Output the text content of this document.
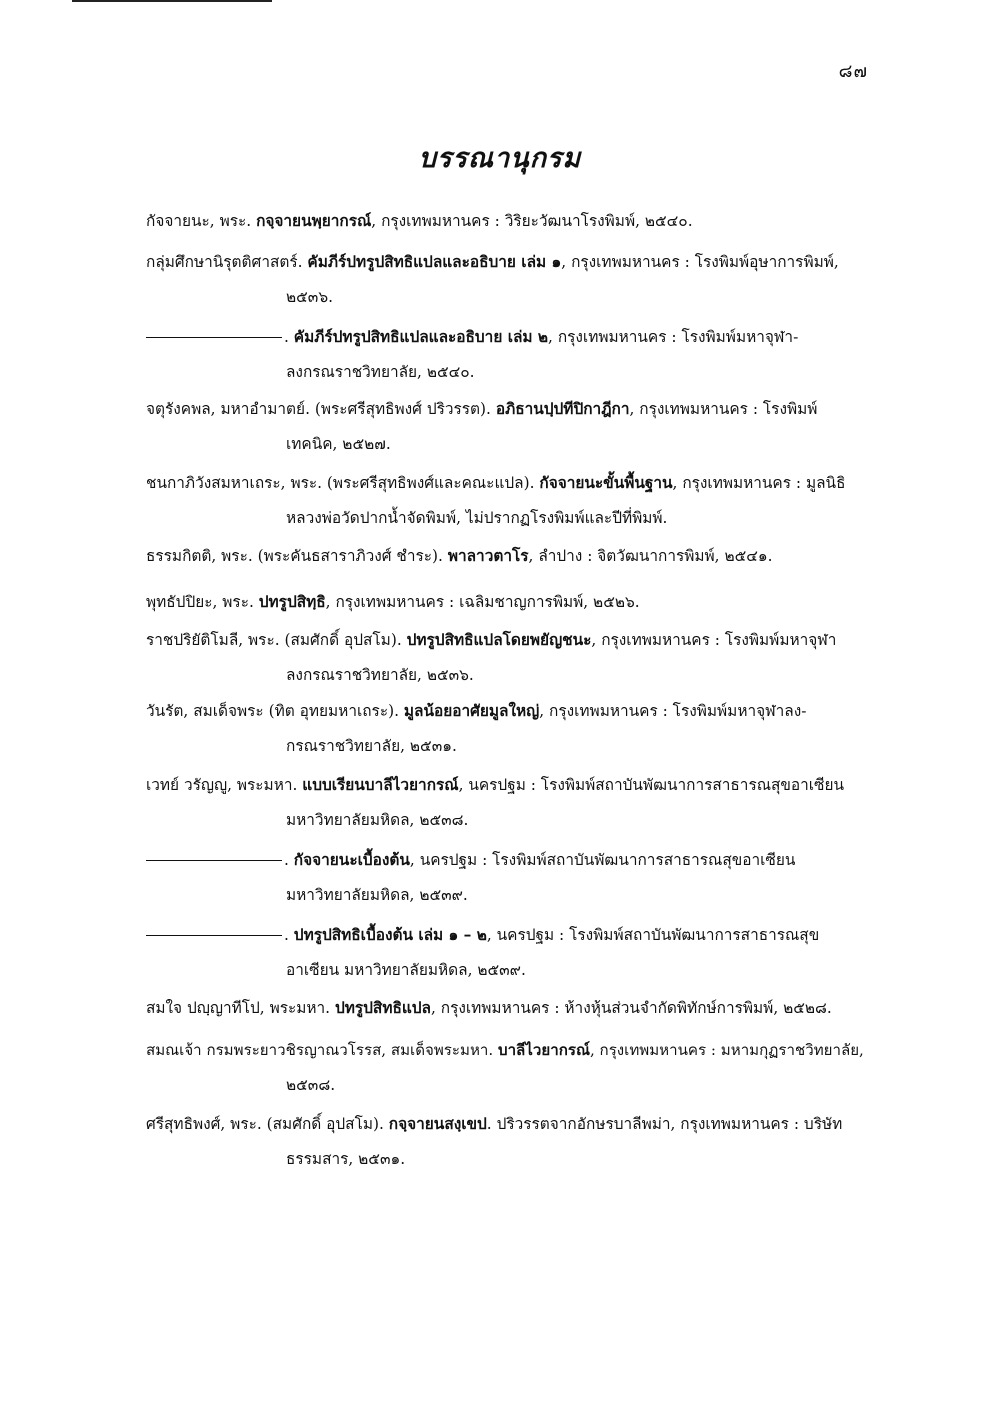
๘๗
บรรณานุกรม
กัจจายนะ, พระ. กจฺจายนพฺยากรณ์, กรุงเทพมหานคร : วิริยะวัฒนาโรงพิมพ์, ๒๕๔๐.
กลุ่มศึกษานิรุตติศาสตร์. คัมภีร์ปทรูปสิทธิแปลและอธิบาย เล่ม ๑, กรุงเทพมหานคร : โรงพิมพ์อุษาการพิมพ์,
๒๕๓๖.
. คัมภีร์ปทรูปสิทธิแปลและอธิบาย เล่ม ๒, กรุงเทพมหานคร : โรงพิมพ์มหาจุฬา-
ลงกรณราชวิทยาลัย, ๒๕๔๐.
จตุรังคพล, มหาอำมาตย์. (พระศรีสุทธิพงศ์ ปริวรรต). อภิธานปฺปทีปิกาฎีกา, กรุงเทพมหานคร : โรงพิมพ์
เทคนิค, ๒๕๒๗.
ชนกาภิวังสมหาเถระ, พระ. (พระศรีสุทธิพงศ์และคณะแปล). กัจจายนะขั้นพื้นฐาน, กรุงเทพมหานคร : มูลนิธิ
หลวงพ่อวัดปากน้ำจัดพิมพ์, ไม่ปรากฏโรงพิมพ์และปีที่พิมพ์.
ธรรมกิตติ, พระ. (พระคันธสาราภิวงศ์ ชำระ). พาลาวตาโร, ลำปาง : จิตวัฒนาการพิมพ์, ๒๕๔๑.
พุทธัปปิยะ, พระ. ปทรูปสิทฺธิ, กรุงเทพมหานคร : เฉลิมชาญการพิมพ์, ๒๕๒๖.
ราชปริยัติโมลี, พระ. (สมศักดิ์ อุปสโม). ปทรูปสิทธิแปลโดยพยัญชนะ, กรุงเทพมหานคร : โรงพิมพ์มหาจุฬา
ลงกรณราชวิทยาลัย, ๒๕๓๖.
วันรัต, สมเด็จพระ (ทิต อุทยมหาเถระ). มูลน้อยอาศัยมูลใหญ่, กรุงเทพมหานคร : โรงพิมพ์มหาจุฬาลง-
กรณราชวิทยาลัย, ๒๕๓๑.
เวทย์ วรัญญู, พระมหา. แบบเรียนบาลีไวยากรณ์, นครปฐม : โรงพิมพ์สถาบันพัฒนาการสาธารณสุขอาเซียน
มหาวิทยาลัยมหิดล, ๒๕๓๘.
. กัจจายนะเบื้องต้น, นครปฐม : โรงพิมพ์สถาบันพัฒนาการสาธารณสุขอาเซียน
มหาวิทยาลัยมหิดล, ๒๕๓๙.
. ปทรูปสิทธิเบื้องต้น เล่ม ๑ – ๒, นครปฐม : โรงพิมพ์สถาบันพัฒนาการสาธารณสุข
อาเซียน มหาวิทยาลัยมหิดล, ๒๕๓๙.
สมใจ ปญฺญาทีโป, พระมหา. ปทรูปสิทธิแปล, กรุงเทพมหานคร : ห้างหุ้นส่วนจำกัดพิทักษ์การพิมพ์, ๒๕๒๘.
สมณเจ้า กรมพระยาวชิรญาณวโรรส, สมเด็จพระมหา. บาลีไวยากรณ์, กรุงเทพมหานคร : มหามกุฏราชวิทยาลัย,
๒๕๓๘.
ศรีสุทธิพงศ์, พระ. (สมศักดิ์ อุปสโม). กจฺจายนสงฺเขป. ปริวรรตจากอักษรบาลีพม่า, กรุงเทพมหานคร : บริษัท
ธรรมสาร, ๒๕๓๑.
